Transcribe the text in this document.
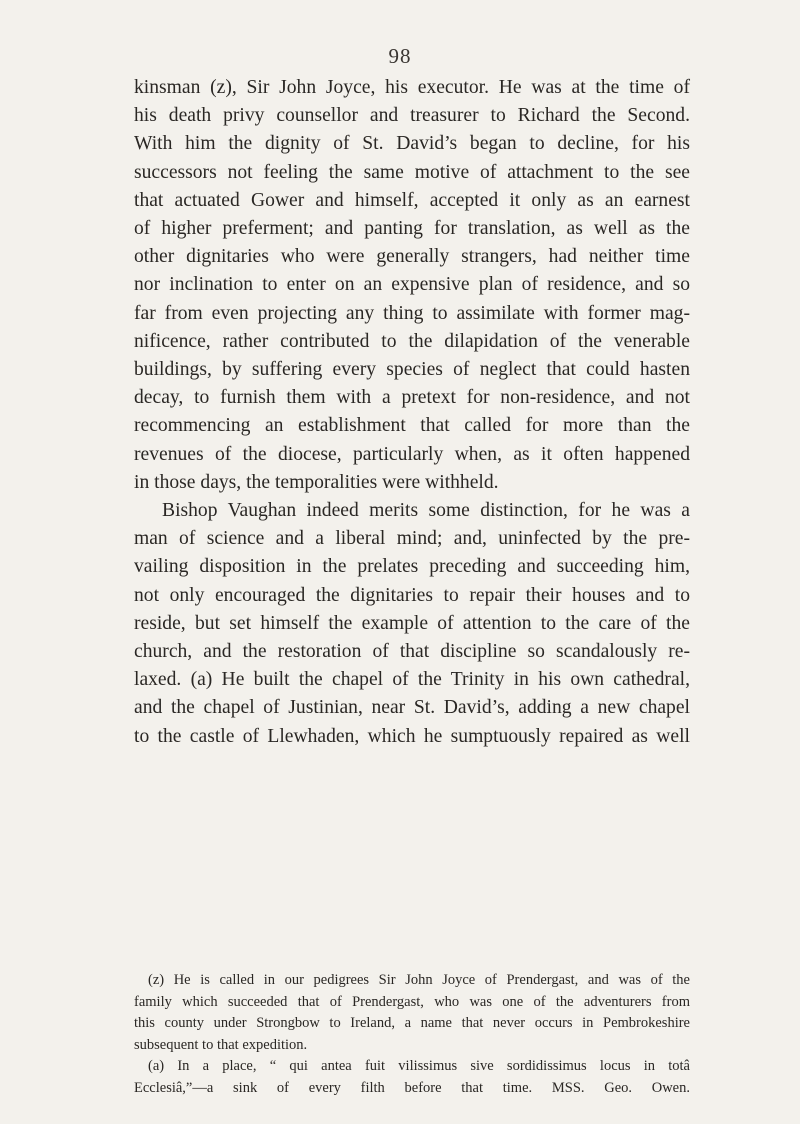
98

kinsman (z), Sir John Joyce, his executor. He was at the time of
his death privy counsellor and treasurer to Richard the Second.
With him the dignity of St. David’s began to decline, for his
successors not feeling the same motive of attachment to the see
that actuated Gower and himself, accepted it only as an earnest
of higher preferment; and panting for translation, as well as the
other dignitaries who were generally strangers, had neither time
nor inclination to enter on an expensive plan of residence, and so
far from even projecting any thing to assimilate with former mag-
nificence, rather contributed to the dilapidation of the venerable
buildings, by suffering every species of neglect that could hasten
decay, to furnish them with a pretext for non-residence, and not
recommencing an establishment that called for more than the
revenues of the diocese, particularly when, as it often happened
in those days, the temporalities were withheld.

Bishop Vaughan indeed merits some distinction, for he was a
man of science and a liberal mind; and, uninfected by the pre-
vailing disposition in the prelates preceding and succeeding him,
not only encouraged the dignitaries to repair their houses and to
reside, but set himself the example of attention to the care of the
church, and the restoration of that discipline so scandalously re-
laxed. (a) He built the chapel of the Trinity in his own cathedral,
and the chapel of Justinian, near St. David’s, adding a new chapel
to the castle of Llewhaden, which he sumptuously repaired as well

(z) He is called in our pedigrees Sir John Joyce of Prendergast, and was of the
family which succeeded that of Prendergast, who was one of the adventurers from
this county under Strongbow to Ireland, a name that never occurs in Pembrokeshire
subsequent to that expedition.
(a) In a place, “ qui antea fuit vilissimus sive sordidissimus locus in totâ
Ecclesiâ,”—a sink of every filth before that time. MSS. Geo. Owen.
